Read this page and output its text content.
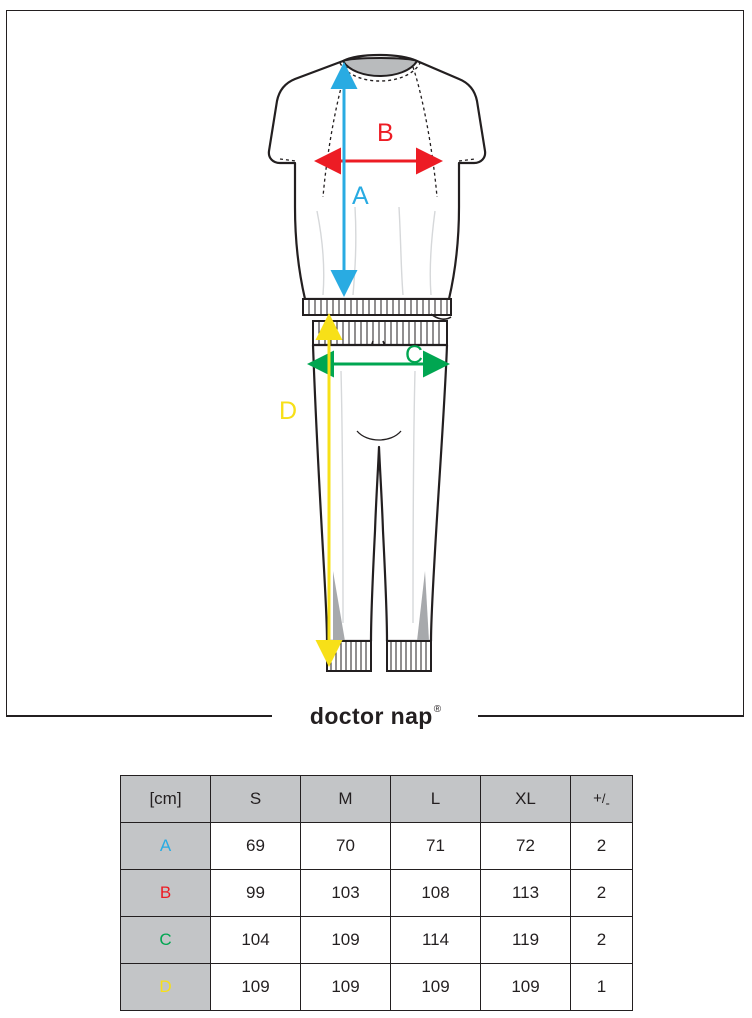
A
B
C
D
doctor nap®
[cm]	S	M	L	XL	$+/_-$
A	69	70	71	72	2
B	99	103	108	113	2
C	104	109	114	119	2
D	109	109	109	109	1
